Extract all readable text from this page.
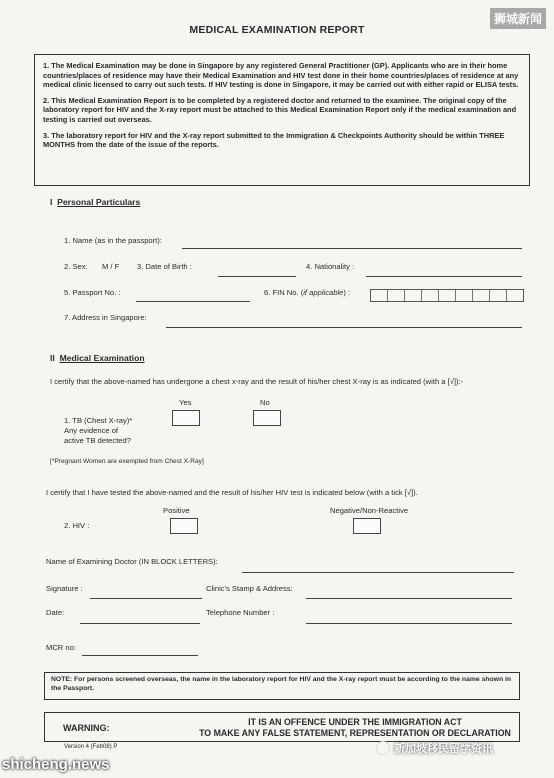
MEDICAL EXAMINATION REPORT

1. The Medical Examination may be done in Singapore by any registered General Practitioner (GP). Applicants who are in their home countries/places of residence may have their Medical Examination and HIV test done in their home countries/places of residence at any medical clinic licensed to carry out such tests. If HIV testing is done in Singapore, it may be carried out with either rapid or ELISA tests.

2. This Medical Examination Report is to be completed by a registered doctor and returned to the examinee. The original copy of the laboratory report for HIV and the X-ray report must be attached to this Medical Examination Report only if the medical examination and testing is carried out overseas.

3. The laboratory report for HIV and the X-ray report submitted to the Immigration & Checkpoints Authority should be within THREE MONTHS from the date of the issue of the reports.

I Personal Particulars
1. Name (as in the passport):
2. Sex: M / F 3. Date of Birth :	4. Nationality :
5. Passport No. :	6. FIN No. (if applicable) :
7. Address in Singapore:
II Medical Examination
I certify that the above-named has undergone a chest x-ray and the result of his/her chest X-ray is as indicated (with a [√]):-
Yes	No
1. TB (Chest X-ray)*
Any evidence of
active TB detected?
[*Pregnant Women are exempted from Chest X-Ray]
I certify that I have tested the above-named and the result of his/her HIV test is indicated below (with a tick [√]).
Positive	Negative/Non-Reactive
2. HIV :
Name of Examining Doctor (IN BLOCK LETTERS):
Signature :	Clinic's Stamp & Address:
Date:	Telephone Number :
MCR no:
NOTE: For persons screened overseas, the name in the laboratory report for HIV and the X-ray report must be according to the name shown in the Passport.
WARNING:
IT IS AN OFFENCE UNDER THE IMMIGRATION ACT
TO MAKE ANY FALSE STATEMENT, REPRESENTATION OR DECLARATION
Version 4 (Feb08) P
狮城新闻
shicheng.news
新加坡移民留学资讯
